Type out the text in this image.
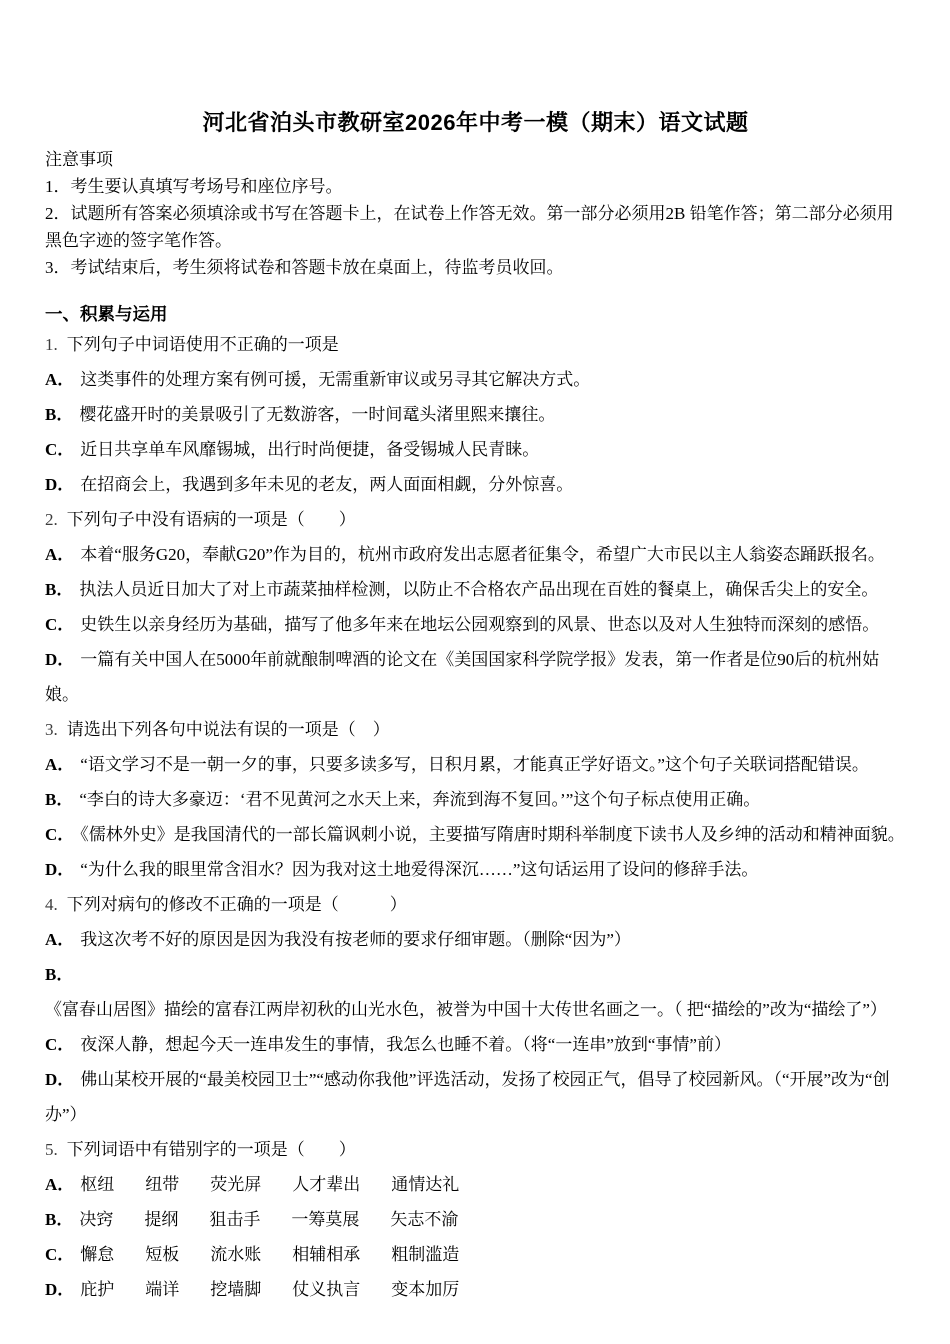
河北省泊头市教研室2026年中考一模（期末）语文试题

注意事项

1．考生要认真填写考场号和座位序号。

2．试题所有答案必须填涂或书写在答题卡上，在试卷上作答无效。第一部分必须用2B 铅笔作答；第二部分必须用黑色字迹的签字笔作答。

3．考试结束后，考生须将试卷和答题卡放在桌面上，待监考员收回。

一、积累与运用

1. 下列句子中词语使用不正确的一项是

A． 这类事件的处理方案有例可援，无需重新审议或另寻其它解决方式。

B． 樱花盛开时的美景吸引了无数游客，一时间鼋头渚里熙来攘往。

C． 近日共享单车风靡锡城，出行时尚便捷，备受锡城人民青睐。

D． 在招商会上，我遇到多年未见的老友，两人面面相觑，分外惊喜。

2. 下列句子中没有语病的一项是（　　）

A． 本着“服务G20，奉献G20”作为目的，杭州市政府发出志愿者征集令，希望广大市民以主人翁姿态踊跃报名。

B． 执法人员近日加大了对上市蔬菜抽样检测，以防止不合格农产品出现在百姓的餐桌上，确保舌尖上的安全。

C． 史铁生以亲身经历为基础，描写了他多年来在地坛公园观察到的风景、世态以及对人生独特而深刻的感悟。

D． 一篇有关中国人在5000年前就酿制啤酒的论文在《美国国家科学院学报》发表，第一作者是位90后的杭州姑娘。

3. 请选出下列各句中说法有误的一项是（　）

A． “语文学习不是一朝一夕的事，只要多读多写，日积月累，才能真正学好语文。”这个句子关联词搭配错误。

B． “李白的诗大多豪迈：‘君不见黄河之水天上来，奔流到海不复回。’”这个句子标点使用正确。

C． 《儒林外史》是我国清代的一部长篇讽刺小说，主要描写隋唐时期科举制度下读书人及乡绅的活动和精神面貌。

D． “为什么我的眼里常含泪水？因为我对这土地爱得深沉……”这句话运用了设问的修辞手法。

4. 下列对病句的修改不正确的一项是（　　　）

A． 我这次考不好的原因是因为我没有按老师的要求仔细审题。（删除“因为”）

B．《富春山居图》描绘的富春江两岸初秋的山光水色，被誉为中国十大传世名画之一。（ 把“描绘的”改为“描绘了”）

C． 夜深人静，想起今天一连串发生的事情，我怎么也睡不着。（将“一连串”放到“事情”前）

D． 佛山某校开展的“最美校园卫士”“感动你我他”评选活动，发扬了校园正气，倡导了校园新风。（“开展”改为“创办”）

5. 下列词语中有错别字的一项是（　　）

A． 枢纽 纽带 荧光屏 人才辈出 通情达礼

B． 决窍 提纲 狙击手 一筹莫展 矢志不渝

C． 懈怠 短板 流水账 相辅相承 粗制滥造

D． 庇护 端详 挖墙脚 仗义执言 变本加厉
